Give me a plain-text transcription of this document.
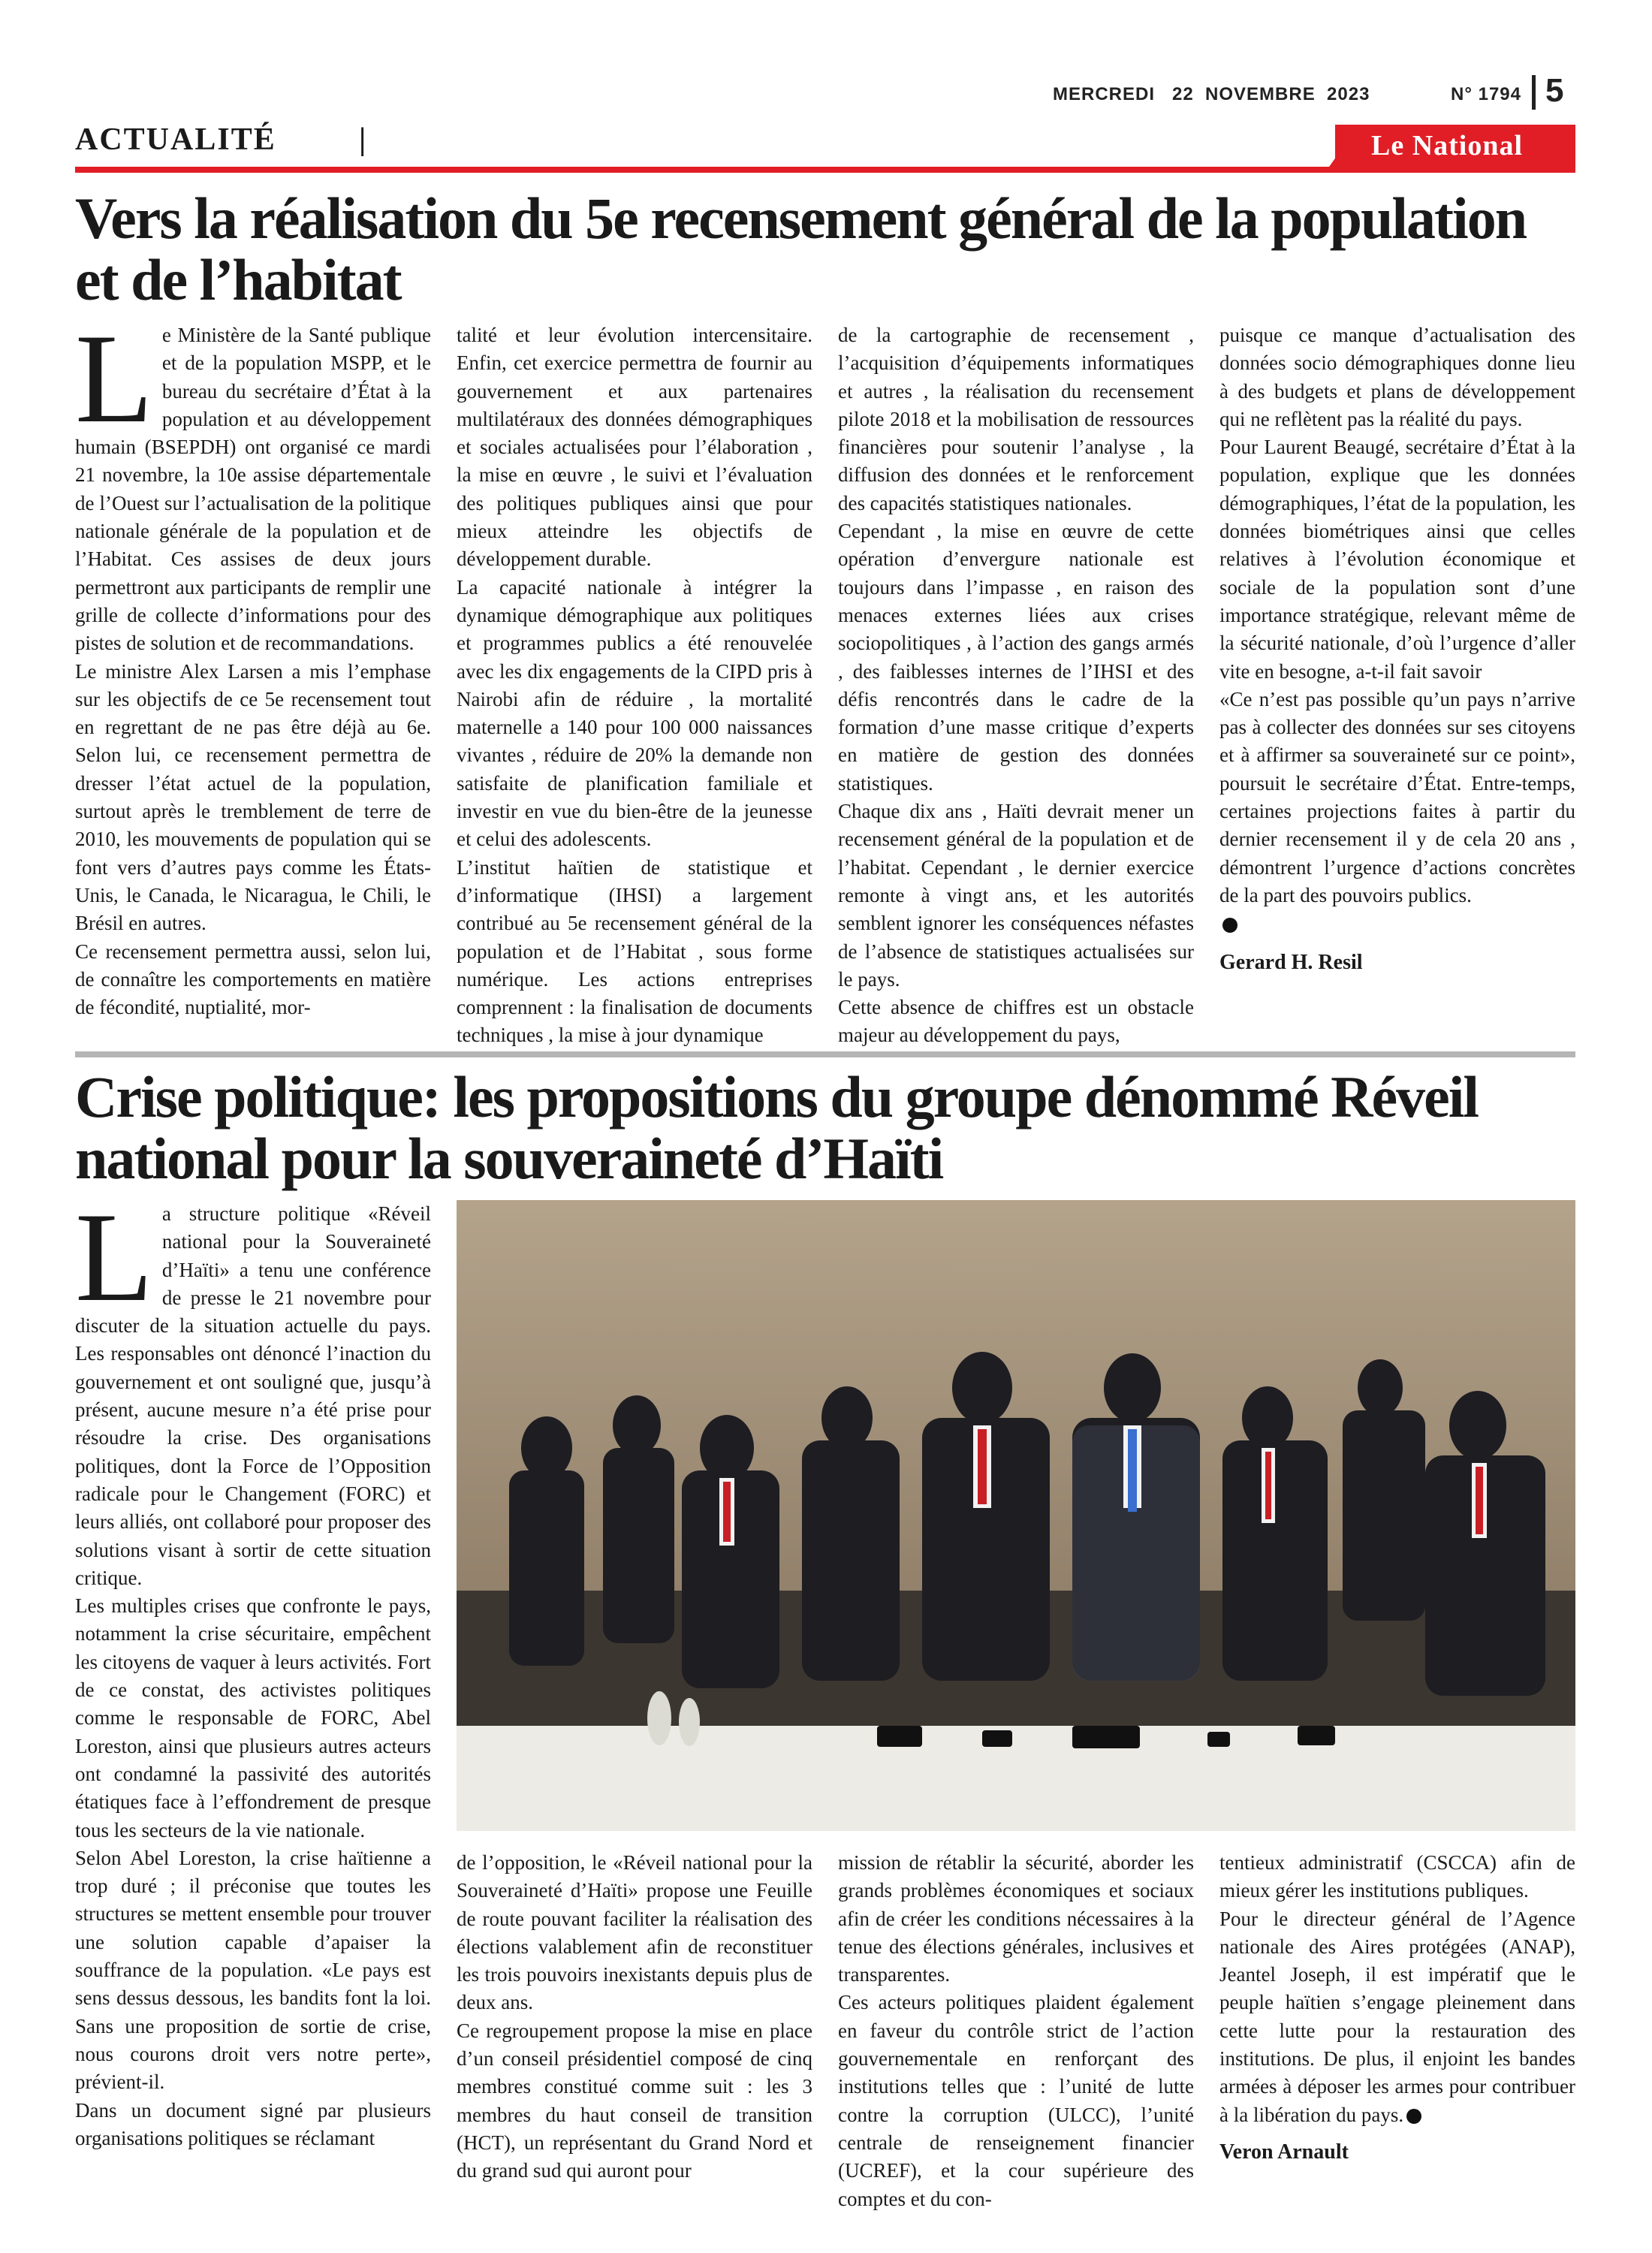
MERCREDI   22  NOVEMBRE  2023	N° 1794 5
ACTUALITÉ	|	Le National
Vers la réalisation du 5e recensement général de la population et de l’habitat
L e Ministère de la Santé publique et de la population MSPP, et le bureau du secrétaire d’État à la population et au développement humain (BSEPDH) ont organisé ce mardi 21 novembre, la 10e assise départementale de l’Ouest sur l’actualisation de la politique nationale générale de la population et de l’Habitat. Ces assises de deux jours permettront aux participants de remplir une grille de collecte d’informations pour des pistes de solution et de recommandations.

Le ministre Alex Larsen a mis l’emphase sur les objectifs de ce 5e recensement tout en regrettant de ne pas être déjà au 6e. Selon lui, ce recensement permettra de dresser l’état actuel de la population, surtout après le tremblement de terre de 2010, les mouvements de population qui se font vers d’autres pays comme les États-Unis, le Canada, le Nicaragua, le Chili, le Brésil en autres.

Ce recensement permettra aussi, selon lui, de connaître les comportements en matière de fécondité, nuptialité, mor-

talité et leur évolution intercensitaire. Enfin, cet exercice permettra de fournir au gouvernement et aux partenaires multilatéraux des données démographiques et sociales actualisées pour l’élaboration , la mise en œuvre , le suivi et l’évaluation des politiques publiques ainsi que pour mieux atteindre les objectifs de développement durable.

La capacité nationale à intégrer la dynamique démographique aux politiques et programmes publics a été renouvelée avec les dix engagements de la CIPD pris à Nairobi afin de réduire , la mortalité maternelle a 140 pour 100 000 naissances vivantes , réduire de 20% la demande non satisfaite de planification familiale et investir en vue du bien-être de la jeunesse et celui des adolescents.

L’institut haïtien de statistique et d’informatique (IHSI) a largement contribué au 5e recensement général de la population et de l’Habitat , sous forme numérique. Les actions entreprises comprennent : la finalisation de documents techniques , la mise à jour dynamique

de la cartographie de recensement , l’acquisition d’équipements informatiques et autres , la réalisation du recensement pilote 2018 et la mobilisation de ressources financières pour soutenir l’analyse , la diffusion des données et le renforcement des capacités statistiques nationales.

Cependant , la mise en œuvre de cette opération d’envergure nationale est toujours dans l’impasse , en raison des menaces externes liées aux crises sociopolitiques , à l’action des gangs armés , des faiblesses internes de l’IHSI et des défis rencontrés dans le cadre de la formation d’une masse critique d’experts en matière de gestion des données statistiques.

Chaque dix ans , Haïti devrait mener un recensement général de la population et de l’habitat. Cependant , le dernier exercice remonte à vingt ans, et les autorités semblent ignorer les conséquences néfastes de l’absence de statistiques actualisées sur le pays.

Cette absence de chiffres est un obstacle majeur au développement du pays,

puisque ce manque d’actualisation des données socio démographiques donne lieu à des budgets et plans de développement qui ne reflètent pas la réalité du pays.

Pour Laurent Beaugé, secrétaire d’État à la population, explique que les données démographiques, l’état de la population, les données biométriques ainsi que celles relatives à l’évolution économique et sociale de la population sont d’une importance stratégique, relevant même de la sécurité nationale, d’où l’urgence d’aller vite en besogne, a-t-il fait savoir

«Ce n’est pas possible qu’un pays n’arrive pas à collecter des données sur ses citoyens et à affirmer sa souveraineté sur ce point», poursuit le secrétaire d’État. Entre-temps, certaines projections faites à partir du dernier recensement il y de cela 20 ans , démontrent l’urgence d’actions concrètes de la part des pouvoirs publics.

Gerard H. Resil

Crise politique: les propositions du groupe dénommé Réveil national pour la souveraineté d’Haïti
L a structure politique «Réveil national pour la Souveraineté d’Haïti» a tenu une conférence de presse le 21 novembre pour discuter de la situation actuelle du pays. Les responsables ont dénoncé l’inaction du gouvernement et ont souligné que, jusqu’à présent, aucune mesure n’a été prise pour résoudre la crise. Des organisations politiques, dont la Force de l’Opposition radicale pour le Changement (FORC) et leurs alliés, ont collaboré pour proposer des solutions visant à sortir de cette situation critique.

Les multiples crises que confronte le pays, notamment la crise sécuritaire, empêchent les citoyens de vaquer à leurs activités. Fort de ce constat, des activistes politiques comme le responsable de FORC, Abel Loreston, ainsi que plusieurs autres acteurs ont condamné la passivité des autorités étatiques face à l’effondrement de presque tous les secteurs de la vie nationale.

Selon Abel Loreston, la crise haïtienne a trop duré ; il préconise que toutes les structures se mettent ensemble pour trouver une solution capable d’apaiser la souffrance de la population. «Le pays est sens dessus dessous, les bandits font la loi. Sans une proposition de sortie de crise, nous courons droit vers notre perte», prévient-il.

Dans un document signé par plusieurs organisations politiques se réclamant

de l’opposition, le «Réveil national pour la Souveraineté d’Haïti» propose une Feuille de route pouvant faciliter la réalisation des élections valablement afin de reconstituer les trois pouvoirs inexistants depuis plus de deux ans.

Ce regroupement propose la mise en place d’un conseil présidentiel composé de cinq membres constitué comme suit : les 3 membres du haut conseil de transition (HCT), un représentant du Grand Nord et du grand sud qui auront pour

mission de rétablir la sécurité, aborder les grands problèmes économiques et sociaux afin de créer les conditions nécessaires à la tenue des élections générales, inclusives et transparentes.

Ces acteurs politiques plaident également en faveur du contrôle strict de l’action gouvernementale en renforçant des institutions telles que : l’unité de lutte contre la corruption (ULCC), l’unité centrale de renseignement financier (UCREF), et la cour supérieure des comptes et du con-

tentieux administratif (CSCCA) afin de mieux gérer les institutions publiques.

Pour le directeur général de l’Agence nationale des Aires protégées (ANAP), Jeantel Joseph, il est impératif que le peuple haïtien s’engage pleinement dans cette lutte pour la restauration des institutions. De plus, il enjoint les bandes armées à déposer les armes pour contribuer à la libération du pays.

Veron Arnault
